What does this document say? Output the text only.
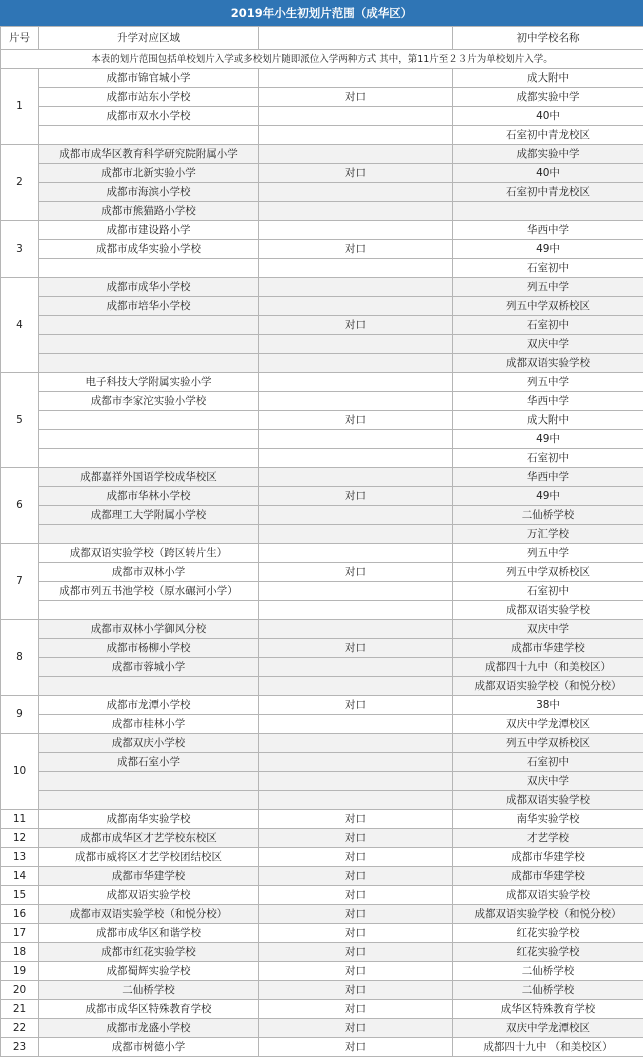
2019年小生初划片范围（成华区）
片号	升学对应区域		初中学校名称
本表的划片范围包括单校划片入学或多校划片随即派位入学两种方式 其中，第11片至２３片为单校划片入学。			
1	成都市锦官城小学		成大附中
	成都市站东小学校	对口	成都实验中学
	成都市双水小学校		40中
			石室初中青龙校区
2	成都市成华区教育科学研究院附属小学		成都实验中学
	成都市北新实验小学	对口	40中
	成都市海滨小学校		石室初中青龙校区
	成都市熊猫路小学校		
3	成都市建设路小学		华西中学
	成都市成华实验小学校	对口	49中
			石室初中
4	成都市成华小学校		列五中学
	成都市培华小学校		列五中学双桥校区
		对口	石室初中
			双庆中学
			成都双语实验学校
5	电子科技大学附属实验小学		列五中学
	成都市李家沱实验小学校		华西中学
		对口	成大附中
			49中
			石室初中
6	成都嘉祥外国语学校成华校区		华西中学
	成都市华林小学校	对口	49中
	成都理工大学附属小学校		二仙桥学校
			万汇学校
7	成都双语实验学校（跨区转片生）		列五中学
	成都市双林小学	对口	列五中学双桥校区
	成都市列五书池学校（原水碾河小学）		石室初中
			成都双语实验学校
8	成都市双林小学御风分校		双庆中学
	成都市杨柳小学校	对口	成都市华建学校
	成都市蓉城小学		成都四十九中（和美校区）
			成都双语实验学校（和悦分校）
9	成都市龙潭小学校	对口	38中
	成都市桂林小学		双庆中学龙潭校区
10	成都双庆小学校		列五中学双桥校区
	成都石室小学		石室初中
			双庆中学
			成都双语实验学校
11	成都南华实验学校	对口	南华实验学校
12	成都市成华区才艺学校东校区	对口	才艺学校
13	成都市威将区才艺学校团结校区	对口	成都市华建学校
14	成都市华建学校	对口	成都市华建学校
15	成都双语实验学校	对口	成都双语实验学校
16	成都市双语实验学校（和悦分校）	对口	成都双语实验学校（和悦分校）
17	成都市成华区和谐学校	对口	红花实验学校
18	成都市红花实验学校	对口	红花实验学校
19	成都蜀辉实验学校	对口	二仙桥学校
20	二仙桥学校	对口	二仙桥学校
21	成都市成华区特殊教育学校	对口	成华区特殊教育学校
22	成都市龙盛小学校	对口	双庆中学龙潭校区
23	成都市树德小学	对口	成都四十九中 （和美校区）
